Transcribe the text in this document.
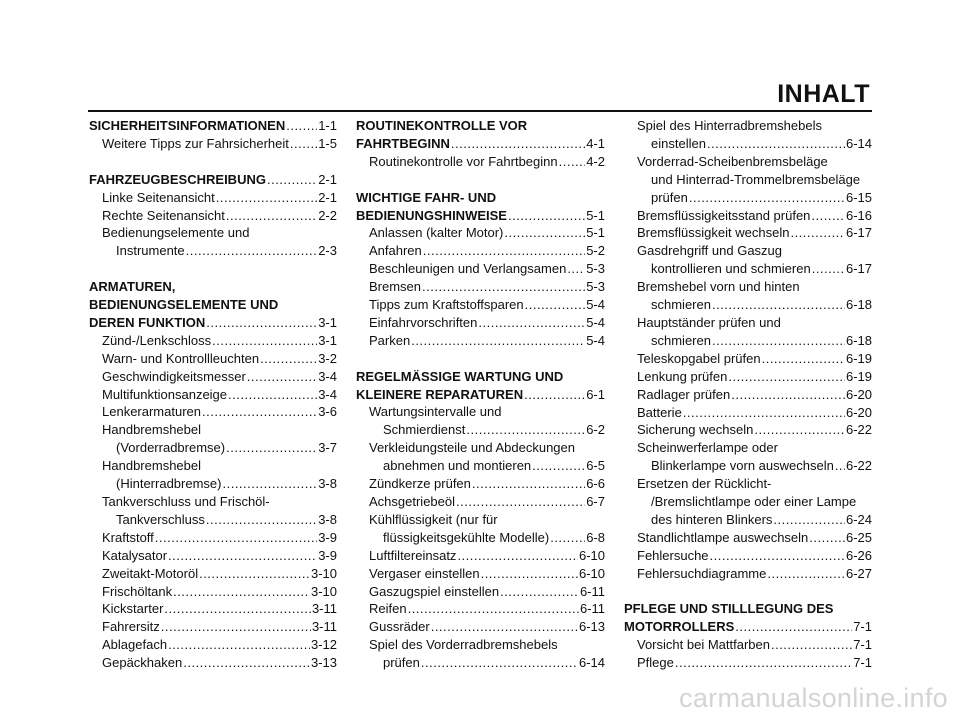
INHALT
SICHERHEITSINFORMATIONEN .....	1-1
Weitere Tipps zur Fahrsicherheit ..... 1-5
FAHRZEUGBESCHREIBUNG .....	2-1
Linke Seitenansicht .....	2-1
Rechte Seitenansicht .....	2-2
Bedienungselemente und
Instrumente .....	2-3
ARMATUREN,
BEDIENUNGSELEMENTE UND
DEREN FUNKTION .....	3-1
Zünd-/Lenkschloss .....	3-1
Warn- und Kontrollleuchten .....	3-2
Geschwindigkeitsmesser .....	3-4
Multifunktionsanzeige .....	3-4
Lenkerarmaturen .....	3-6
Handbremshebel
(Vorderradbremse) .....	3-7
Handbremshebel
(Hinterradbremse) .....	3-8
Tankverschluss und Frischöl-
Tankverschluss .....	3-8
Kraftstoff .....	3-9
Katalysator .....	3-9
Zweitakt-Motoröl .....	3-10
Frischöltank .....	3-10
Kickstarter .....	3-11
Fahrersitz .....	3-11
Ablagefach .....	3-12
Gepäckhaken .....	3-13
ROUTINEKONTROLLE VOR
FAHRTBEGINN .....	4-1
Routinekontrolle vor Fahrtbeginn ..... 4-2
WICHTIGE FAHR- UND
BEDIENUNGSHINWEISE .....	5-1
Anlassen (kalter Motor) .....	5-1
Anfahren .....	5-2
Beschleunigen und Verlangsamen ..... 5-3
Bremsen .....	5-3
Tipps zum Kraftstoffsparen .....	5-4
Einfahrvorschriften .....	5-4
Parken .....	5-4
REGELMÄSSIGE WARTUNG UND
KLEINERE REPARATUREN .....	6-1
Wartungsintervalle und
Schmierdienst .....	6-2
Verkleidungsteile und Abdeckungen
abnehmen und montieren .....	6-5
Zündkerze prüfen .....	6-6
Achsgetriebeöl .....	6-7
Kühlflüssigkeit (nur für
flüssigkeitsgekühlte Modelle) .....	6-8
Luftfiltereinsatz .....	6-10
Vergaser einstellen .....	6-10
Gaszugspiel einstellen .....	6-11
Reifen .....	6-11
Gussräder .....	6-13
Spiel des Vorderradbremshebels
prüfen .....	6-14
Spiel des Hinterradbremshebels
einstellen .....	6-14
Vorderrad-Scheibenbremsbeläge
und Hinterrad-Trommelbremsbeläge
prüfen .....	6-15
Bremsflüssigkeitsstand prüfen .....	6-16
Bremsflüssigkeit wechseln .....	6-17
Gasdrehgriff und Gaszug
kontrollieren und schmieren .....	6-17
Bremshebel vorn und hinten
schmieren .....	6-18
Hauptständer prüfen und
schmieren .....	6-18
Teleskopgabel prüfen .....	6-19
Lenkung prüfen .....	6-19
Radlager prüfen .....	6-20
Batterie .....	6-20
Sicherung wechseln .....	6-22
Scheinwerferlampe oder
Blinkerlampe vorn auswechseln ..... 6-22
Ersetzen der Rücklicht-
/Bremslichtlampe oder einer Lampe
des hinteren Blinkers .....	6-24
Standlichtlampe auswechseln .....	6-25
Fehlersuche .....	6-26
Fehlersuchdiagramme .....	6-27
PFLEGE UND STILLLEGUNG DES
MOTORROLLERS .....	7-1
Vorsicht bei Mattfarben .....	7-1
Pflege .....	7-1
carmanualsonline.info
